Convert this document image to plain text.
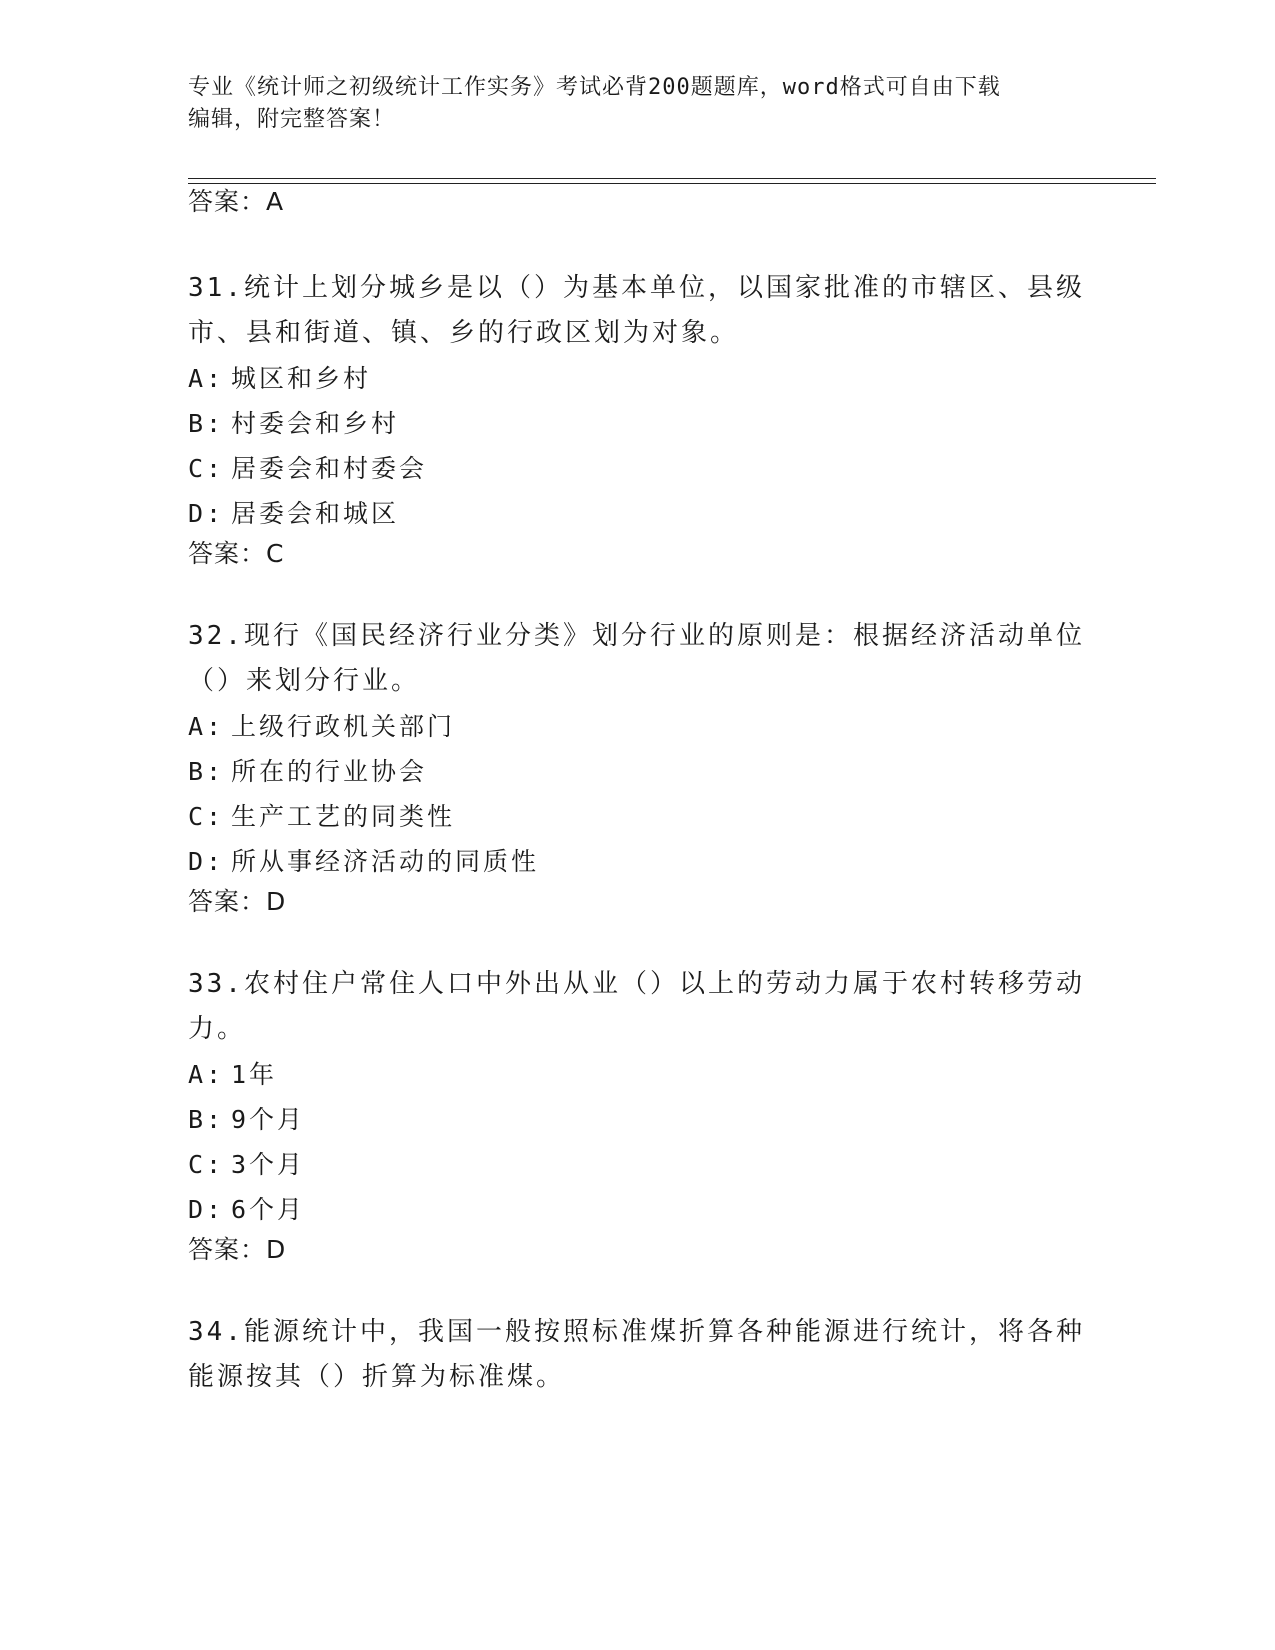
专业《统计师之初级统计工作实务》考试必背200题题库，word格式可自由下载
编辑，附完整答案！
答案：A
31.统计上划分城乡是以（）为基本单位，以国家批准的市辖区、县级
市、县和街道、镇、乡的行政区划为对象。
A: 城区和乡村
B: 村委会和乡村
C: 居委会和村委会
D: 居委会和城区
答案：C
32.现行《国民经济行业分类》划分行业的原则是：根据经济活动单位
（）来划分行业。
A: 上级行政机关部门
B: 所在的行业协会
C: 生产工艺的同类性
D: 所从事经济活动的同质性
答案：D
33.农村住户常住人口中外出从业（）以上的劳动力属于农村转移劳动
力。
A: 1年
B: 9个月
C: 3个月
D: 6个月
答案：D
34.能源统计中，我国一般按照标准煤折算各种能源进行统计，将各种
能源按其（）折算为标准煤。
